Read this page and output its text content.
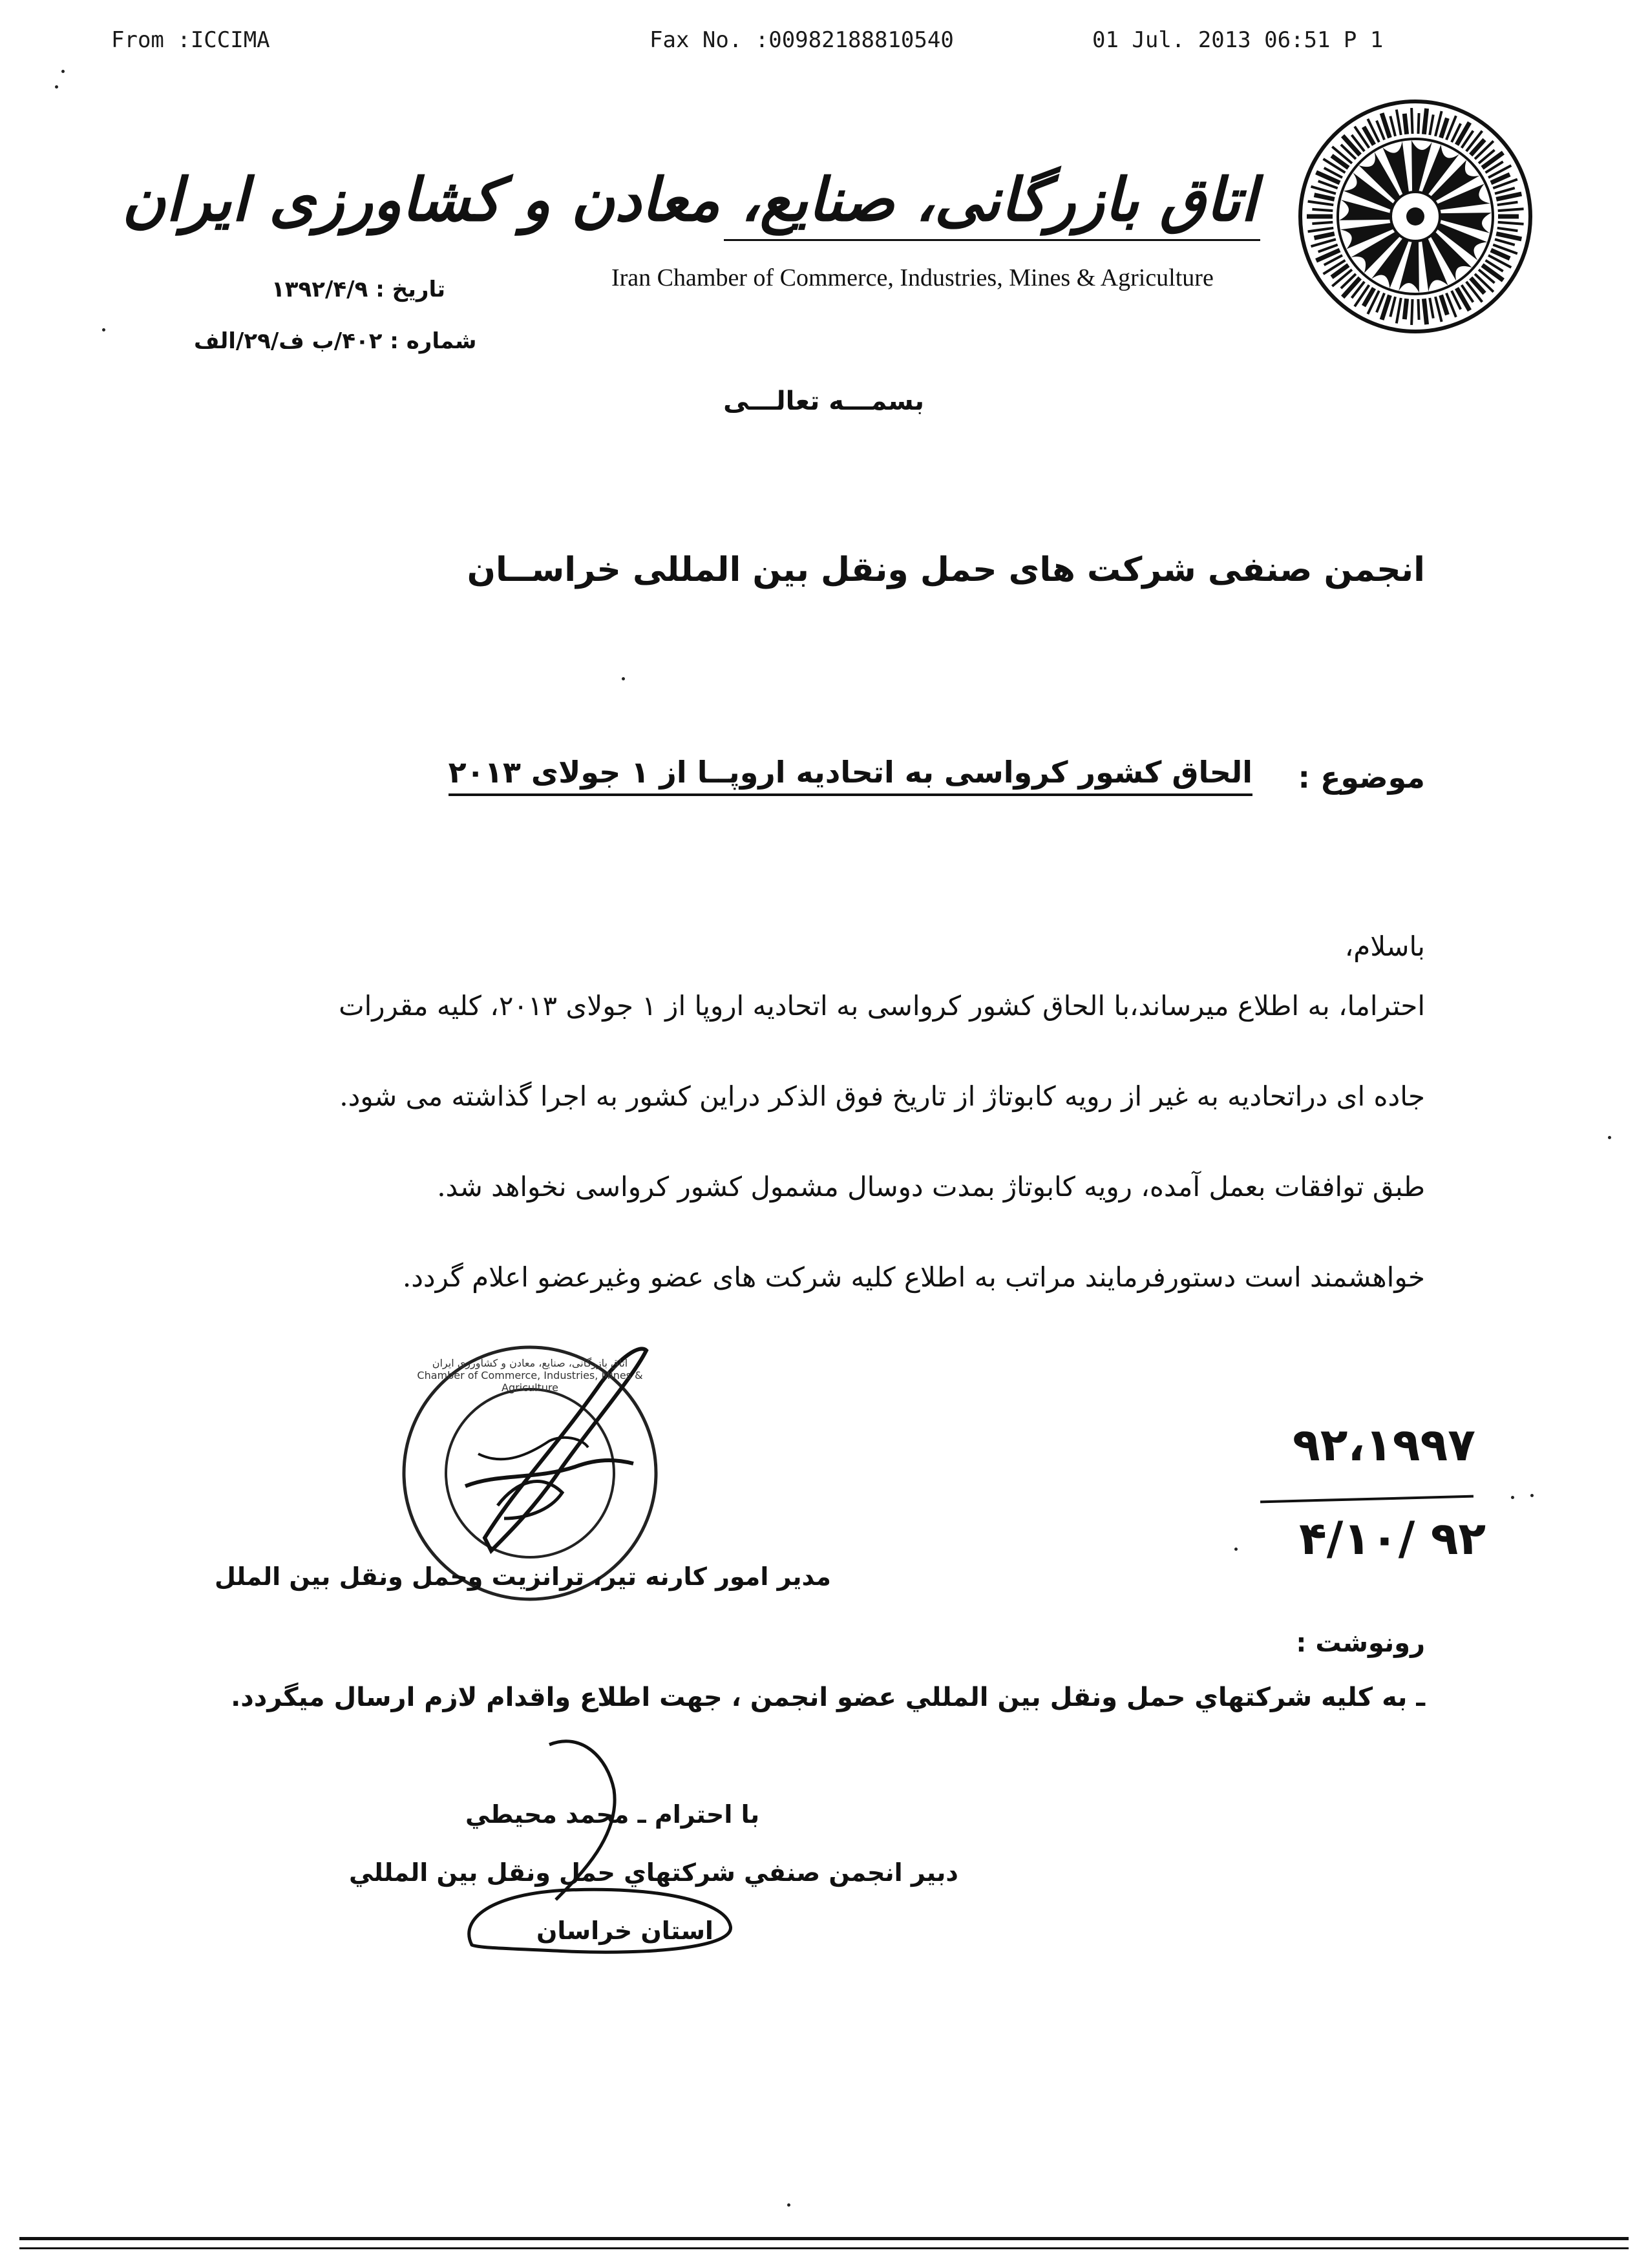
From :ICCIMA	Fax No. :00982188810540	01 Jul. 2013 06:51 P 1
اتاق بازرگانی، صنایع، معادن و کشاورزی ایران
Iran Chamber of Commerce, Industries, Mines & Agriculture
تاریخ : ۱۳۹۲/۴/۹
شماره : ۴۰۲/ب ف/۲۹/الف
بسمـــه تعالـــی
انجمن صنفی شرکت های حمل ونقل بین المللی خراســان
موضوع :
الحاق کشور کرواسی به اتحادیه اروپــا از ۱ جولای ۲۰۱۳
باسلام،
احتراما، به اطلاع میرساند،با الحاق کشور کرواسی به اتحادیه اروپا از ۱ جولای ۲۰۱۳، کلیه مقررات
جاده ای دراتحادیه به غیر از رویه کابوتاژ از تاریخ فوق الذکر دراین کشور به اجرا گذاشته می شود.
طبق توافقات بعمل آمده، رویه کابوتاژ بمدت دوسال مشمول کشور کرواسی نخواهد شد.
خواهشمند است دستورفرمایند مراتب به اطلاع کلیه شرکت های عضو وغیرعضو اعلام گردد.
اتاق بازرگانی، صنایع، معادن و کشاورزی ایران Chamber of Commerce, Industries, Mines & Agriculture
مدیر امور کارنه تیر، ترانزیت وحمل ونقل بین الملل
۹۲،۱۹۹۷
۹۲ /۴/۱۰
رونوشت :
ـ به كليه شركتهاي حمل ونقل بين المللي عضو انجمن ، جهت اطلاع واقدام لازم ارسال ميگردد.
با احترام ـ محمد محيطي
دبير انجمن صنفي شركتهاي حمل ونقل بين المللي
استان خراسان
